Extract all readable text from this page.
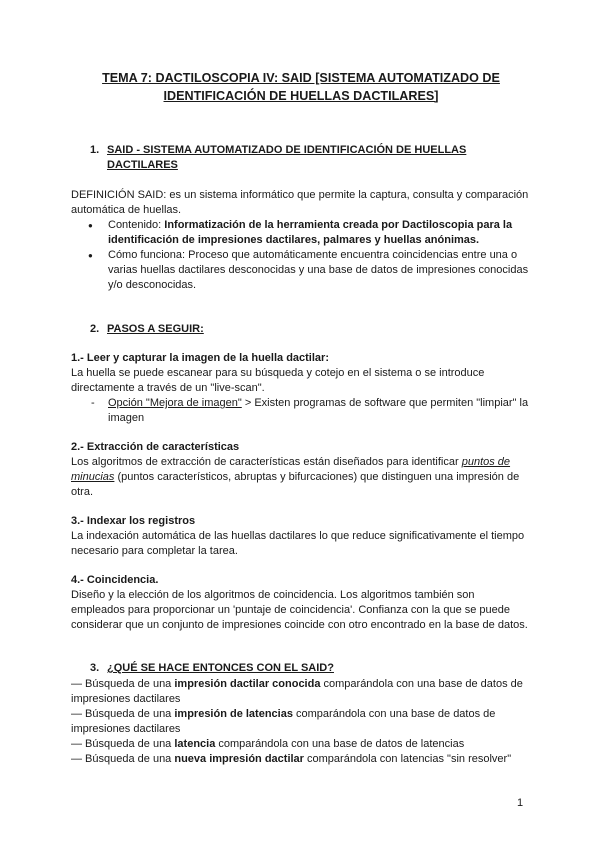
TEMA 7: DACTILOSCOPIA IV: SAID [SISTEMA AUTOMATIZADO DE IDENTIFICACIÓN DE HUELLAS DACTILARES]
1. SAID - SISTEMA AUTOMATIZADO DE IDENTIFICACIÓN DE HUELLAS DACTILARES

DEFINICIÓN SAID: es un sistema informático que permite la captura, consulta y comparación automática de huellas.

● Contenido: Informatización de la herramienta creada por Dactiloscopia para la identificación de impresiones dactilares, palmares y huellas anónimas.
● Cómo funciona: Proceso que automáticamente encuentra coincidencias entre una o varias huellas dactilares desconocidas y una base de datos de impresiones conocidas y/o desconocidas.
2. PASOS A SEGUIR:

1.- Leer y capturar la imagen de la huella dactilar:

La huella se puede escanear para su búsqueda y cotejo en el sistema o se introduce directamente a través de un "live-scan".

-	Opción "Mejora de imagen" > Existen programas de software que permiten "limpiar" la imagen

2.- Extracción de características

Los algoritmos de extracción de características están diseñados para identificar puntos de minucias (puntos característicos, abruptas y bifurcaciones) que distinguen una impresión de otra.

3.- Indexar los registros

La indexación automática de las huellas dactilares lo que reduce significativamente el tiempo necesario para completar la tarea.

4.- Coincidencia.

Diseño y la elección de los algoritmos de coincidencia. Los algoritmos también son empleados para proporcionar un 'puntaje de coincidencia'. Confianza con la que se puede considerar que un conjunto de impresiones coincide con otro encontrado en la base de datos.

3. ¿QUÉ SE HACE ENTONCES CON EL SAID?

— Búsqueda de una impresión dactilar conocida comparándola con una base de datos de impresiones dactilares

— Búsqueda de una impresión de latencias comparándola con una base de datos de impresiones dactilares

— Búsqueda de una latencia comparándola con una base de datos de latencias

— Búsqueda de una nueva impresión dactilar comparándola con latencias "sin resolver"

1
